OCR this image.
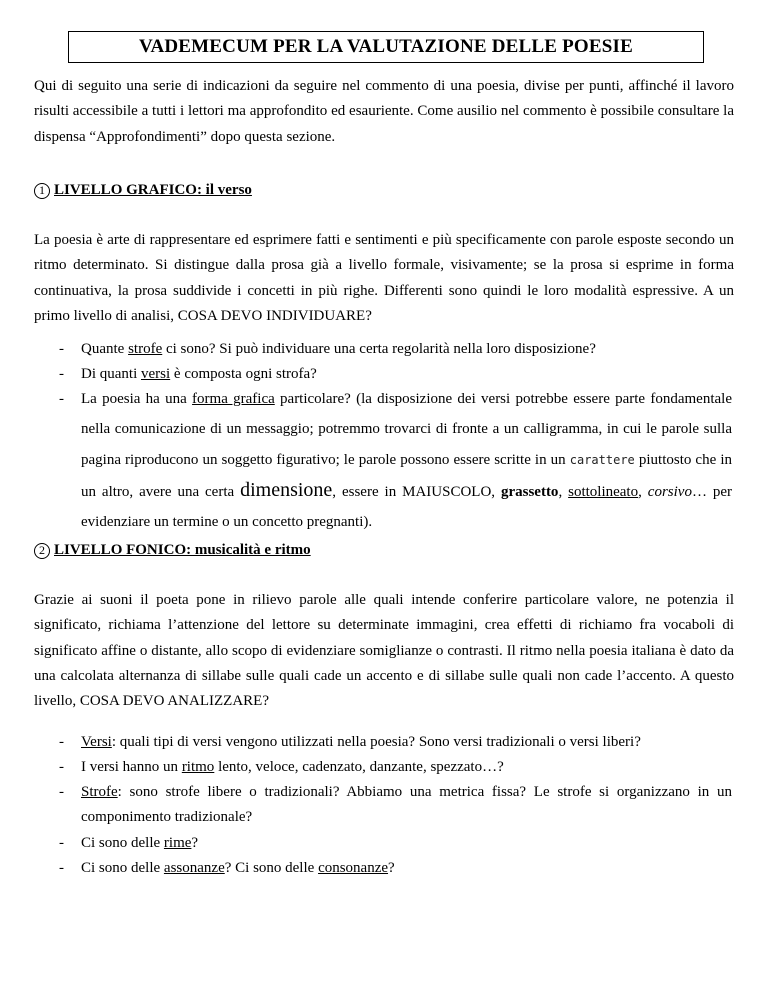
VADEMECUM PER LA VALUTAZIONE DELLE POESIE

Qui di seguito una serie di indicazioni da seguire nel commento di una poesia, divise per punti, affinché il lavoro risulti accessibile a tutti i lettori ma approfondito ed esauriente. Come ausilio nel commento è possibile consultare la dispensa “Approfondimenti” dopo questa sezione.

1 LIVELLO GRAFICO: il verso

La poesia è arte di rappresentare ed esprimere fatti e sentimenti e più specificamente con parole esposte secondo un ritmo determinato. Si distingue dalla prosa già a livello formale, visivamente; se la prosa si esprime in forma continuativa, la prosa suddivide i concetti in più righe. Differenti sono quindi le loro modalità espressive. A un primo livello di analisi, COSA DEVO INDIVIDUARE?

- Quante strofe ci sono? Si può individuare una certa regolarità nella loro disposizione?
- Di quanti versi è composta ogni strofa?
- La poesia ha una forma grafica particolare? (la disposizione dei versi potrebbe essere parte fondamentale nella comunicazione di un messaggio; potremmo trovarci di fronte a un calligramma, in cui le parole sulla pagina riproducono un soggetto figurativo; le parole possono essere scritte in un carattere piuttosto che in un altro, avere una certa dimensione, essere in MAIUSCOLO, grassetto, sottolineato, corsivo… per evidenziare un termine o un concetto pregnanti).
2 LIVELLO FONICO: musicalità e ritmo

Grazie ai suoni il poeta pone in rilievo parole alle quali intende conferire particolare valore, ne potenzia il significato, richiama l’attenzione del lettore su determinate immagini, crea effetti di richiamo fra vocaboli di significato affine o distante, allo scopo di evidenziare somiglianze o contrasti. Il ritmo nella poesia italiana è dato da una calcolata alternanza di sillabe sulle quali cade un accento e di sillabe sulle quali non cade l’accento. A questo livello, COSA DEVO ANALIZZARE?

- Versi: quali tipi di versi vengono utilizzati nella poesia? Sono versi tradizionali o versi liberi?
- I versi hanno un ritmo lento, veloce, cadenzato, danzante, spezzato…?
- Strofe: sono strofe libere o tradizionali? Abbiamo una metrica fissa? Le strofe si organizzano in un componimento tradizionale?
- Ci sono delle rime?
- Ci sono delle assonanze? Ci sono delle consonanze?
